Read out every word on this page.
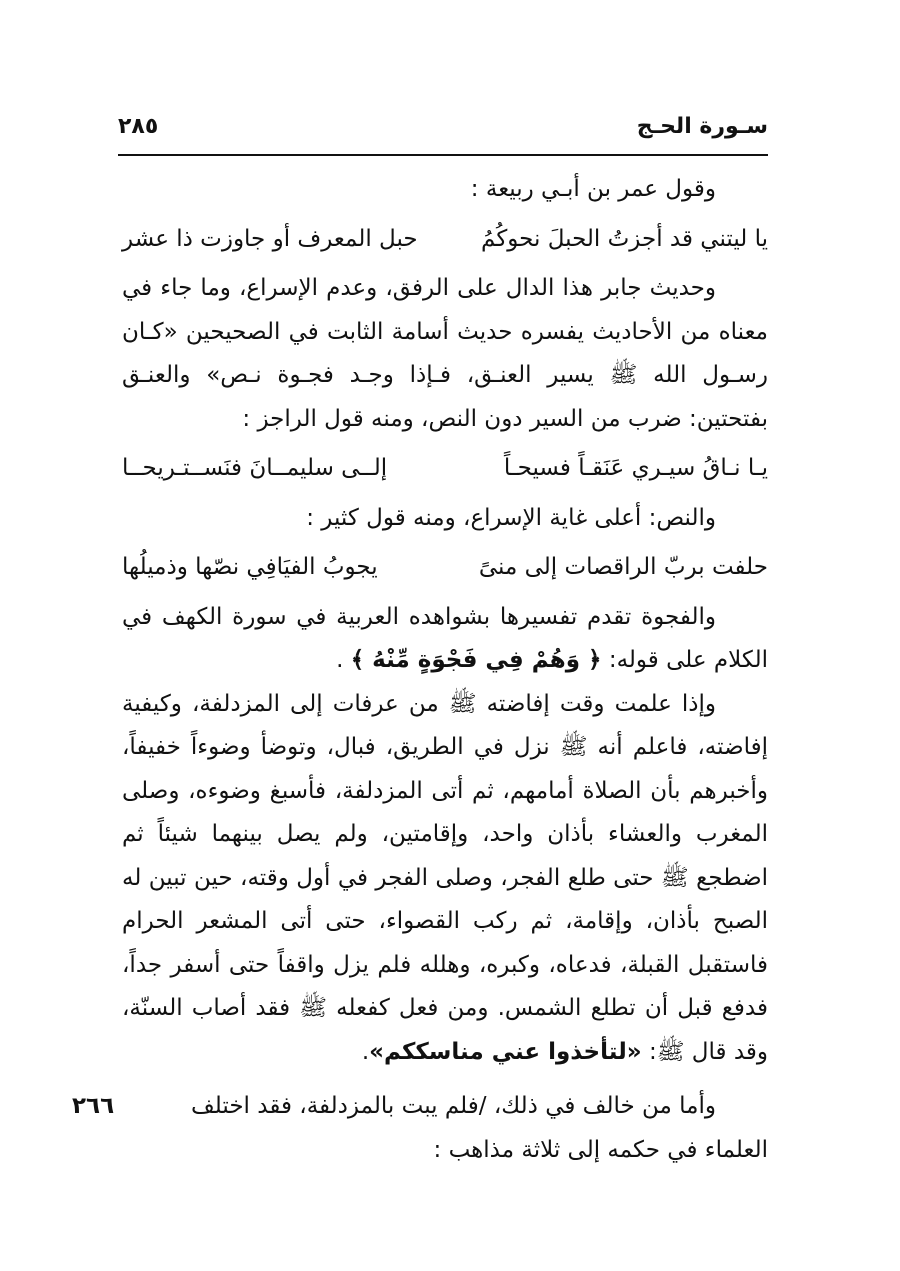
سـورة الحـج
٢٨٥

وقول عمر بن أبـي ربيعة :

يا ليتني قد أجزتُ الحبلَ نحوكُمُ
حبل المعرف أو جاوزت ذا عشر

وحديث جابر هذا الدال على الرفق، وعدم الإسراع، وما جاء في معناه من الأحاديث يفسره حديث أسامة الثابت في الصحيحين «كـان رسـول الله ﷺ يسير العنـق، فـإذا وجـد فجـوة نـص» والعنـق بفتحتين: ضرب من السير دون النص، ومنه قول الراجز :

يـا نـاقُ سيـري عَنَقـاً فسيحـاً
إلــى سليمــانَ فنَســتـريحــا

والنص: أعلى غاية الإسراع، ومنه قول كثير :

حلفت بربّ الراقصات إلى منىً
يجوبُ الفيَافِي نصّها وذميلُها

والفجوة تقدم تفسيرها بشواهده العربية في سورة الكهف في الكلام على قوله: ﴿ وَهُمْ فِي فَجْوَةٍ مِّنْهُ ﴾ .

وإذا علمت وقت إفاضته ﷺ من عرفات إلى المزدلفة، وكيفية إفاضته، فاعلم أنه ﷺ نزل في الطريق، فبال، وتوضأ وضوءاً خفيفاً، وأخبرهم بأن الصلاة أمامهم، ثم أتى المزدلفة، فأسبغ وضوءه، وصلى المغرب والعشاء بأذان واحد، وإقامتين، ولم يصل بينهما شيئاً ثم اضطجع ﷺ حتى طلع الفجر، وصلى الفجر في أول وقته، حين تبين له الصبح بأذان، وإقامة، ثم ركب القصواء، حتى أتى المشعر الحرام فاستقبل القبلة، فدعاه، وكبره، وهلله فلم يزل واقفاً حتى أسفر جداً، فدفع قبل أن تطلع الشمس. ومن فعل كفعله ﷺ فقد أصاب السنّة، وقد قال ﷺ: «لتأخذوا عني مناسككم».

وأما من خالف في ذلك، /فلم يبت بالمزدلفة، فقد اختلف
٢٦٦
العلماء في حكمه إلى ثلاثة مذاهب :
